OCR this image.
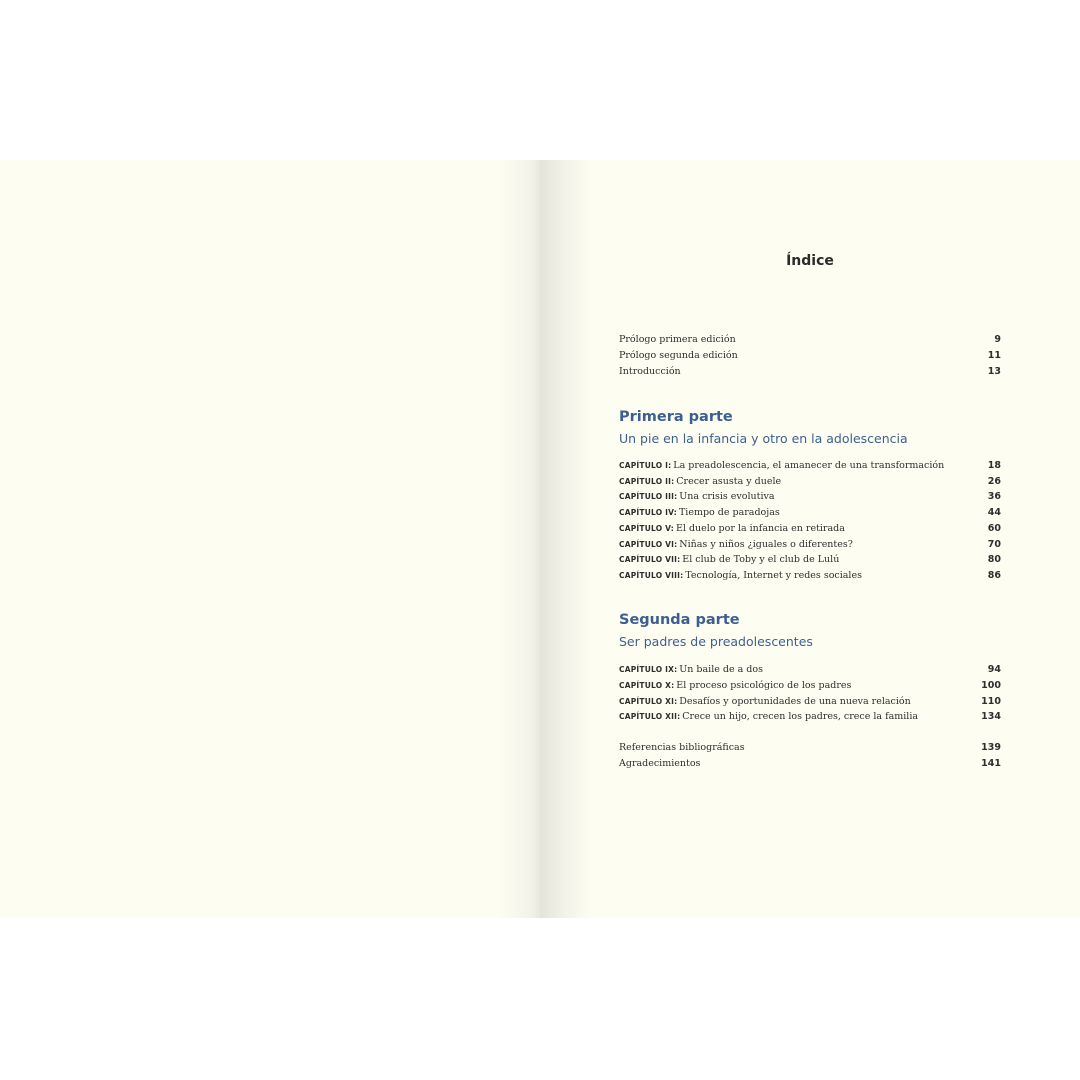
Índice
Prólogo primera edición	9
Prólogo segunda edición	11
Introducción	13
Primera parte
Un pie en la infancia y otro en la adolescencia
CAPÍTULO I: La preadolescencia, el amanecer de una transformación	18
CAPÍTULO II: Crecer asusta y duele	26
CAPÍTULO III: Una crisis evolutiva	36
CAPÍTULO IV: Tiempo de paradojas	44
CAPÍTULO V: El duelo por la infancia en retirada	60
CAPÍTULO VI: Niñas y niños ¿iguales o diferentes?	70
CAPÍTULO VII: El club de Toby y el club de Lulú	80
CAPÍTULO VIII: Tecnología, Internet y redes sociales	86
Segunda parte
Ser padres de preadolescentes
CAPÍTULO IX: Un baile de a dos	94
CAPÍTULO X: El proceso psicológico de los padres	100
CAPÍTULO XI: Desafíos y oportunidades de una nueva relación	110
CAPÍTULO XII: Crece un hijo, crecen los padres, crece la familia	134
Referencias bibliográficas	139
Agradecimientos	141
